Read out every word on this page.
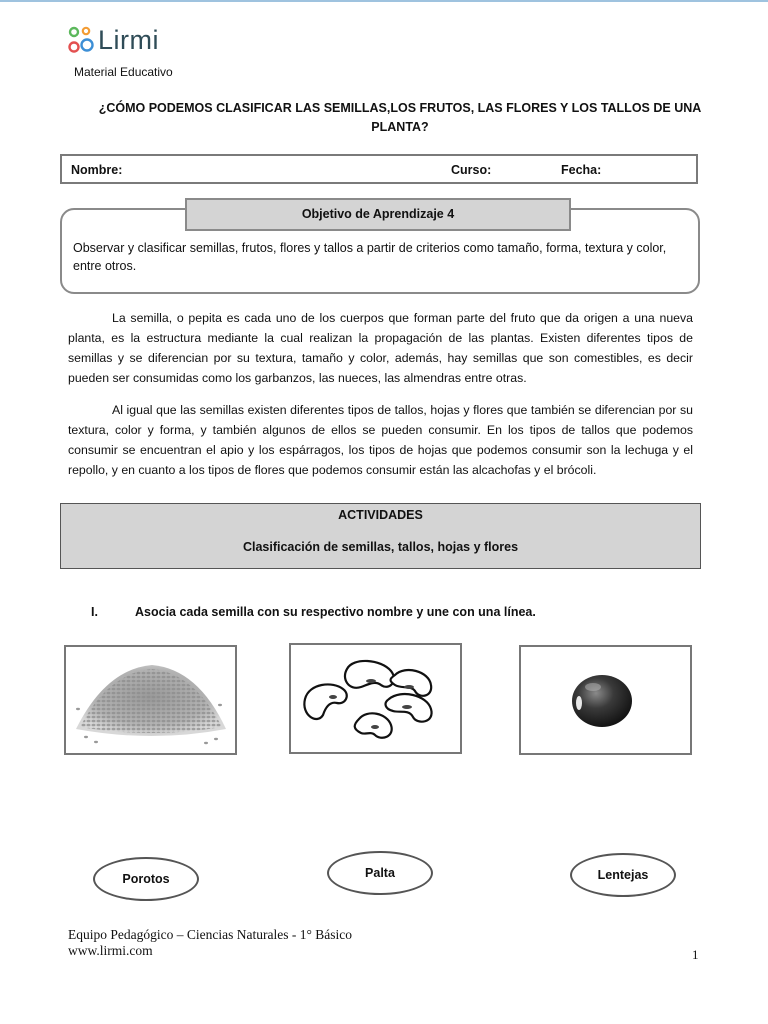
Lirmi
Material Educativo
¿CÓMO PODEMOS CLASIFICAR LAS SEMILLAS,LOS FRUTOS, LAS FLORES Y LOS TALLOS DE UNA PLANTA?
Nombre:	Curso:	Fecha:
Objetivo de Aprendizaje 4
Observar y clasificar semillas, frutos, flores y tallos a partir de criterios como tamaño, forma, textura y color, entre otros.

La semilla, o pepita es cada uno de los cuerpos que forman parte del fruto que da origen a una nueva planta, es la estructura mediante la cual realizan la propagación de las plantas. Existen diferentes tipos de semillas y se diferencian por su textura, tamaño y color, además, hay semillas que son comestibles, es decir pueden ser consumidas como los garbanzos, las nueces, las almendras entre otras.

Al igual que las semillas existen diferentes tipos de tallos, hojas y flores que también se diferencian por su textura, color y forma, y también algunos de ellos se pueden consumir. En los tipos de tallos que podemos consumir se encuentran el apio y los espárragos, los tipos de hojas que podemos consumir son la lechuga y el repollo, y en cuanto a los tipos de flores que podemos consumir están las alcachofas y el brócoli.

ACTIVIDADES
Clasificación de semillas, tallos, hojas y flores
I.	Asocia cada semilla con su respectivo nombre y une con una línea.
Porotos	Palta	Lentejas
Equipo Pedagógico – Ciencias Naturales - 1° Básico
www.lirmi.com	1
